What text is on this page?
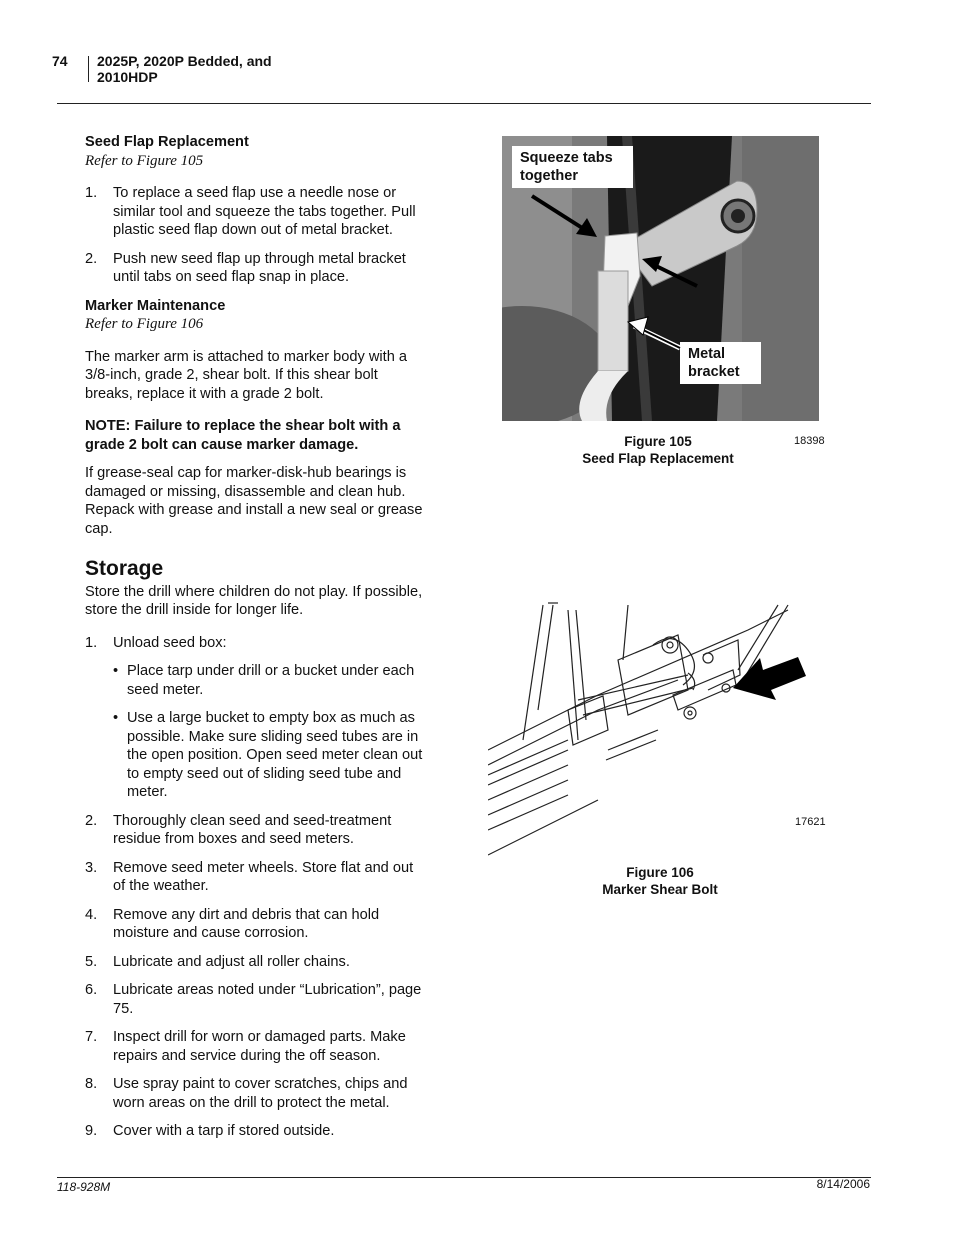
74 2025P, 2020P Bedded, and
2010HDP
Seed Flap Replacement
Refer to Figure 105
1. To replace a seed flap use a needle nose or similar tool and squeeze the tabs together. Pull plastic seed flap down out of metal bracket.
2. Push new seed flap up through metal bracket until tabs on seed flap snap in place.
Marker Maintenance
Refer to Figure 106

The marker arm is attached to marker body with a 3/8-inch, grade 2, shear bolt. If this shear bolt breaks, replace it with a grade 2 bolt.

NOTE: Failure to replace the shear bolt with a grade 2 bolt can cause marker damage.

If grease-seal cap for marker-disk-hub bearings is damaged or missing, disassemble and clean hub. Repack with grease and install a new seal or grease cap.

Storage

Store the drill where children do not play. If possible, store the drill inside for longer life.

1. Unload seed box:
• Place tarp under drill or a bucket under each seed meter.
• Use a large bucket to empty box as much as possible. Make sure sliding seed tubes are in the open position. Open seed meter clean out to empty seed out of sliding seed tube and meter.
2. Thoroughly clean seed and seed-treatment residue from boxes and seed meters.
3. Remove seed meter wheels. Store flat and out of the weather.
4. Remove any dirt and debris that can hold moisture and cause corrosion.
5. Lubricate and adjust all roller chains.
6. Lubricate areas noted under “Lubrication”, page 75.
7. Inspect drill for worn or damaged parts. Make repairs and service during the off season.
8. Use spray paint to cover scratches, chips and worn areas on the drill to protect the metal.
9. Cover with a tarp if stored outside.
Squeeze tabs
together
Metal
bracket
Figure 105
Seed Flap Replacement
18398
17621
Figure 106
Marker Shear Bolt
118-928M	8/14/2006
